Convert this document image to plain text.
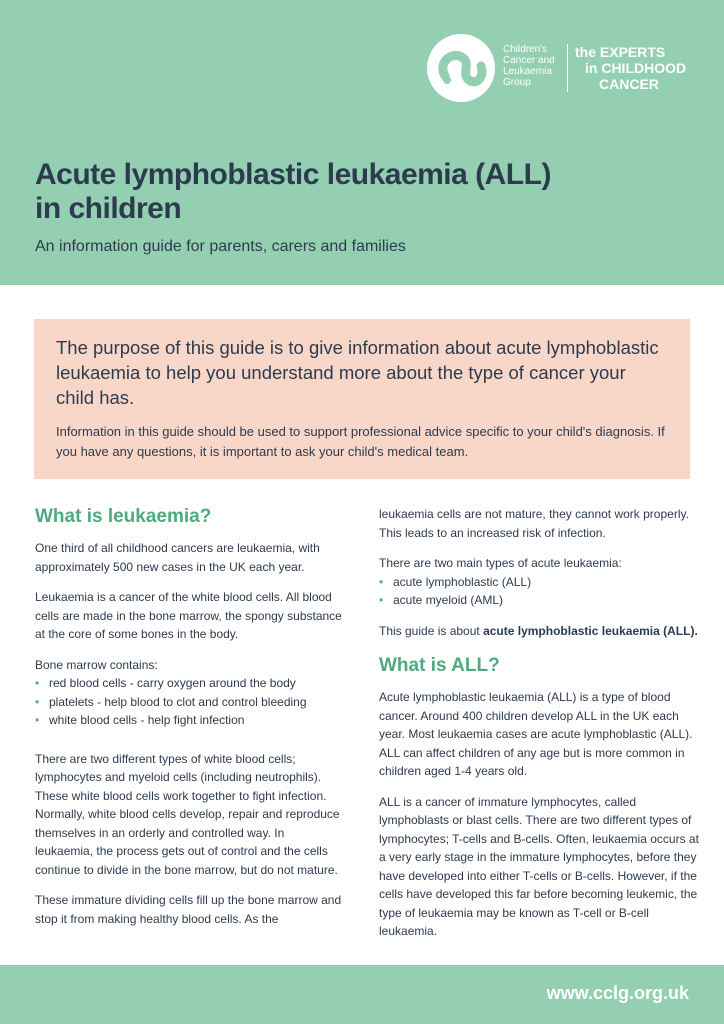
Children's
Cancer and
Leukaemia
Group
the EXPERTS
in CHILDHOOD
CANCER
Acute lymphoblastic leukaemia (ALL)
in children
An information guide for parents, carers and families

The purpose of this guide is to give information about acute lymphoblastic leukaemia to help you understand more about the type of cancer your child has.

Information in this guide should be used to support professional advice specific to your child's diagnosis. If you have any questions, it is important to ask your child's medical team.

What is leukaemia?

One third of all childhood cancers are leukaemia, with approximately 500 new cases in the UK each year.

Leukaemia is a cancer of the white blood cells. All blood cells are made in the bone marrow, the spongy substance at the core of some bones in the body.

Bone marrow contains:
• red blood cells - carry oxygen around the body
• platelets - help blood to clot and control bleeding
• white blood cells - help fight infection

There are two different types of white blood cells; lymphocytes and myeloid cells (including neutrophils). These white blood cells work together to fight infection. Normally, white blood cells develop, repair and reproduce themselves in an orderly and controlled way. In leukaemia, the process gets out of control and the cells continue to divide in the bone marrow, but do not mature.

These immature dividing cells fill up the bone marrow and stop it from making healthy blood cells. As the

leukaemia cells are not mature, they cannot work properly. This leads to an increased risk of infection.

There are two main types of acute leukaemia:
• acute lymphoblastic (ALL)
• acute myeloid (AML)

This guide is about acute lymphoblastic leukaemia (ALL).

What is ALL?

Acute lymphoblastic leukaemia (ALL) is a type of blood cancer. Around 400 children develop ALL in the UK each year. Most leukaemia cases are acute lymphoblastic (ALL). ALL can affect children of any age but is more common in children aged 1-4 years old.

ALL is a cancer of immature lymphocytes, called lymphoblasts or blast cells. There are two different types of lymphocytes; T-cells and B-cells. Often, leukaemia occurs at a very early stage in the immature lymphocytes, before they have developed into either T-cells or B-cells. However, if the cells have developed this far before becoming leukemic, the type of leukaemia may be known as T-cell or B-cell leukaemia.

www.cclg.org.uk
